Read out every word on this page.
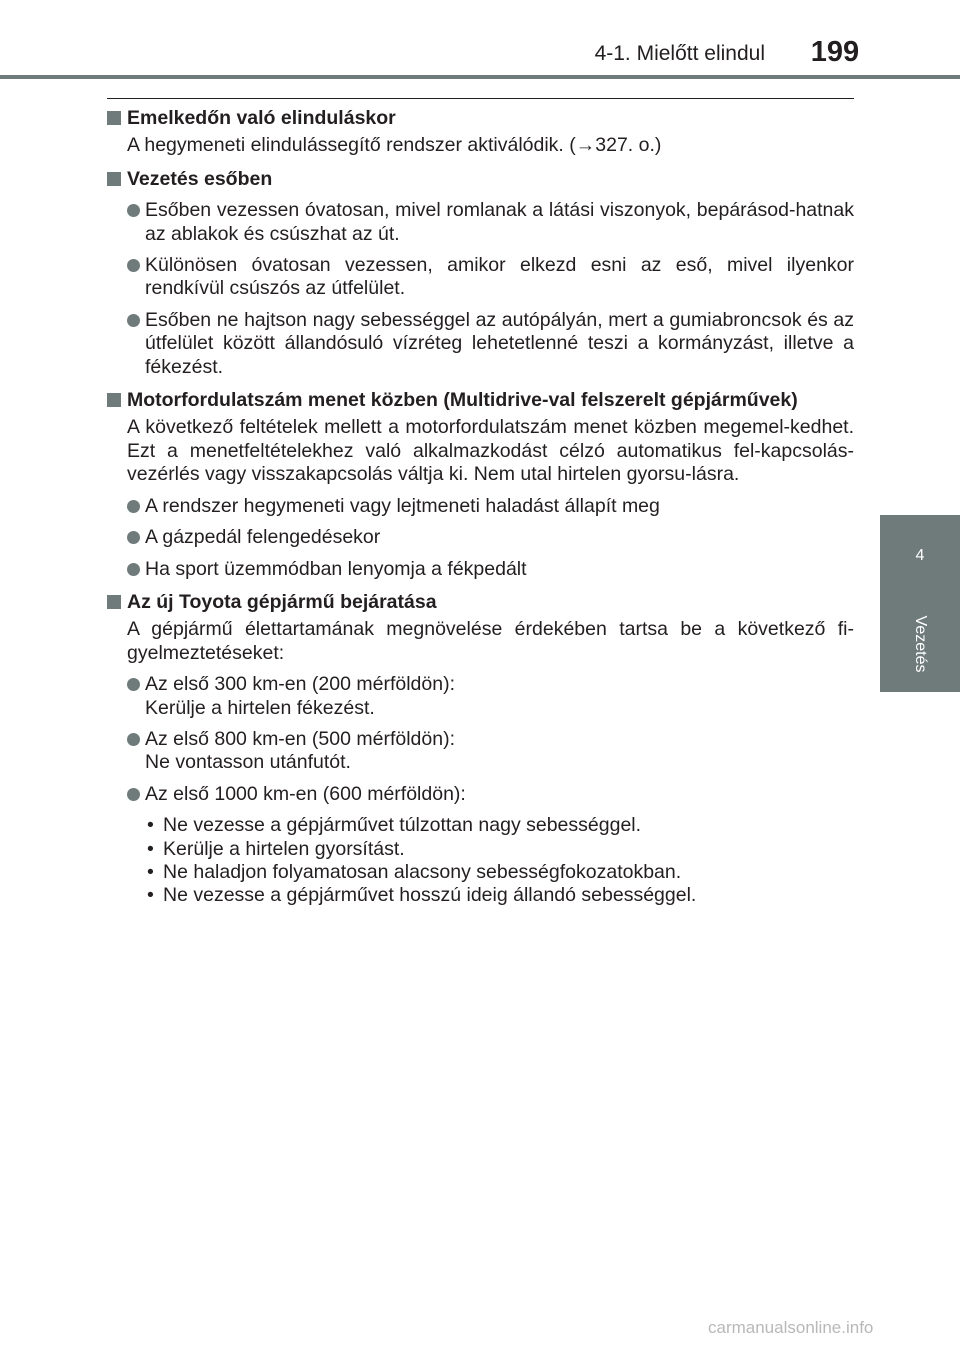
4-1. Mielőtt elindul	199
4
Vezetés
Emelkedőn való elinduláskor
A hegymeneti elindulássegítő rendszer aktiválódik. (→327. o.)
Vezetés esőben
Esőben vezessen óvatosan, mivel romlanak a látási viszonyok, bepárásod-hatnak az ablakok és csúszhat az út.
Különösen óvatosan vezessen, amikor elkezd esni az eső, mivel ilyenkor rendkívül csúszós az útfelület.
Esőben ne hajtson nagy sebességgel az autópályán, mert a gumiabroncsok és az útfelület között állandósuló vízréteg lehetetlenné teszi a kormányzást, illetve a fékezést.
Motorfordulatszám menet közben (Multidrive-val felszerelt gépjárművek)
A következő feltételek mellett a motorfordulatszám menet közben megemel-kedhet. Ezt a menetfeltételekhez való alkalmazkodást célzó automatikus fel-kapcsolás-vezérlés vagy visszakapcsolás váltja ki. Nem utal hirtelen gyorsu-lásra.
A rendszer hegymeneti vagy lejtmeneti haladást állapít meg
A gázpedál felengedésekor
Ha sport üzemmódban lenyomja a fékpedált
Az új Toyota gépjármű bejáratása
A gépjármű élettartamának megnövelése érdekében tartsa be a következő fi-gyelmeztetéseket:
Az első 300 km-en (200 mérföldön):
Kerülje a hirtelen fékezést.
Az első 800 km-en (500 mérföldön):
Ne vontasson utánfutót.
Az első 1000 km-en (600 mérföldön):
• Ne vezesse a gépjárművet túlzottan nagy sebességgel.
• Kerülje a hirtelen gyorsítást.
• Ne haladjon folyamatosan alacsony sebességfokozatokban.
• Ne vezesse a gépjárművet hosszú ideig állandó sebességgel.
carmanualsonline.info
